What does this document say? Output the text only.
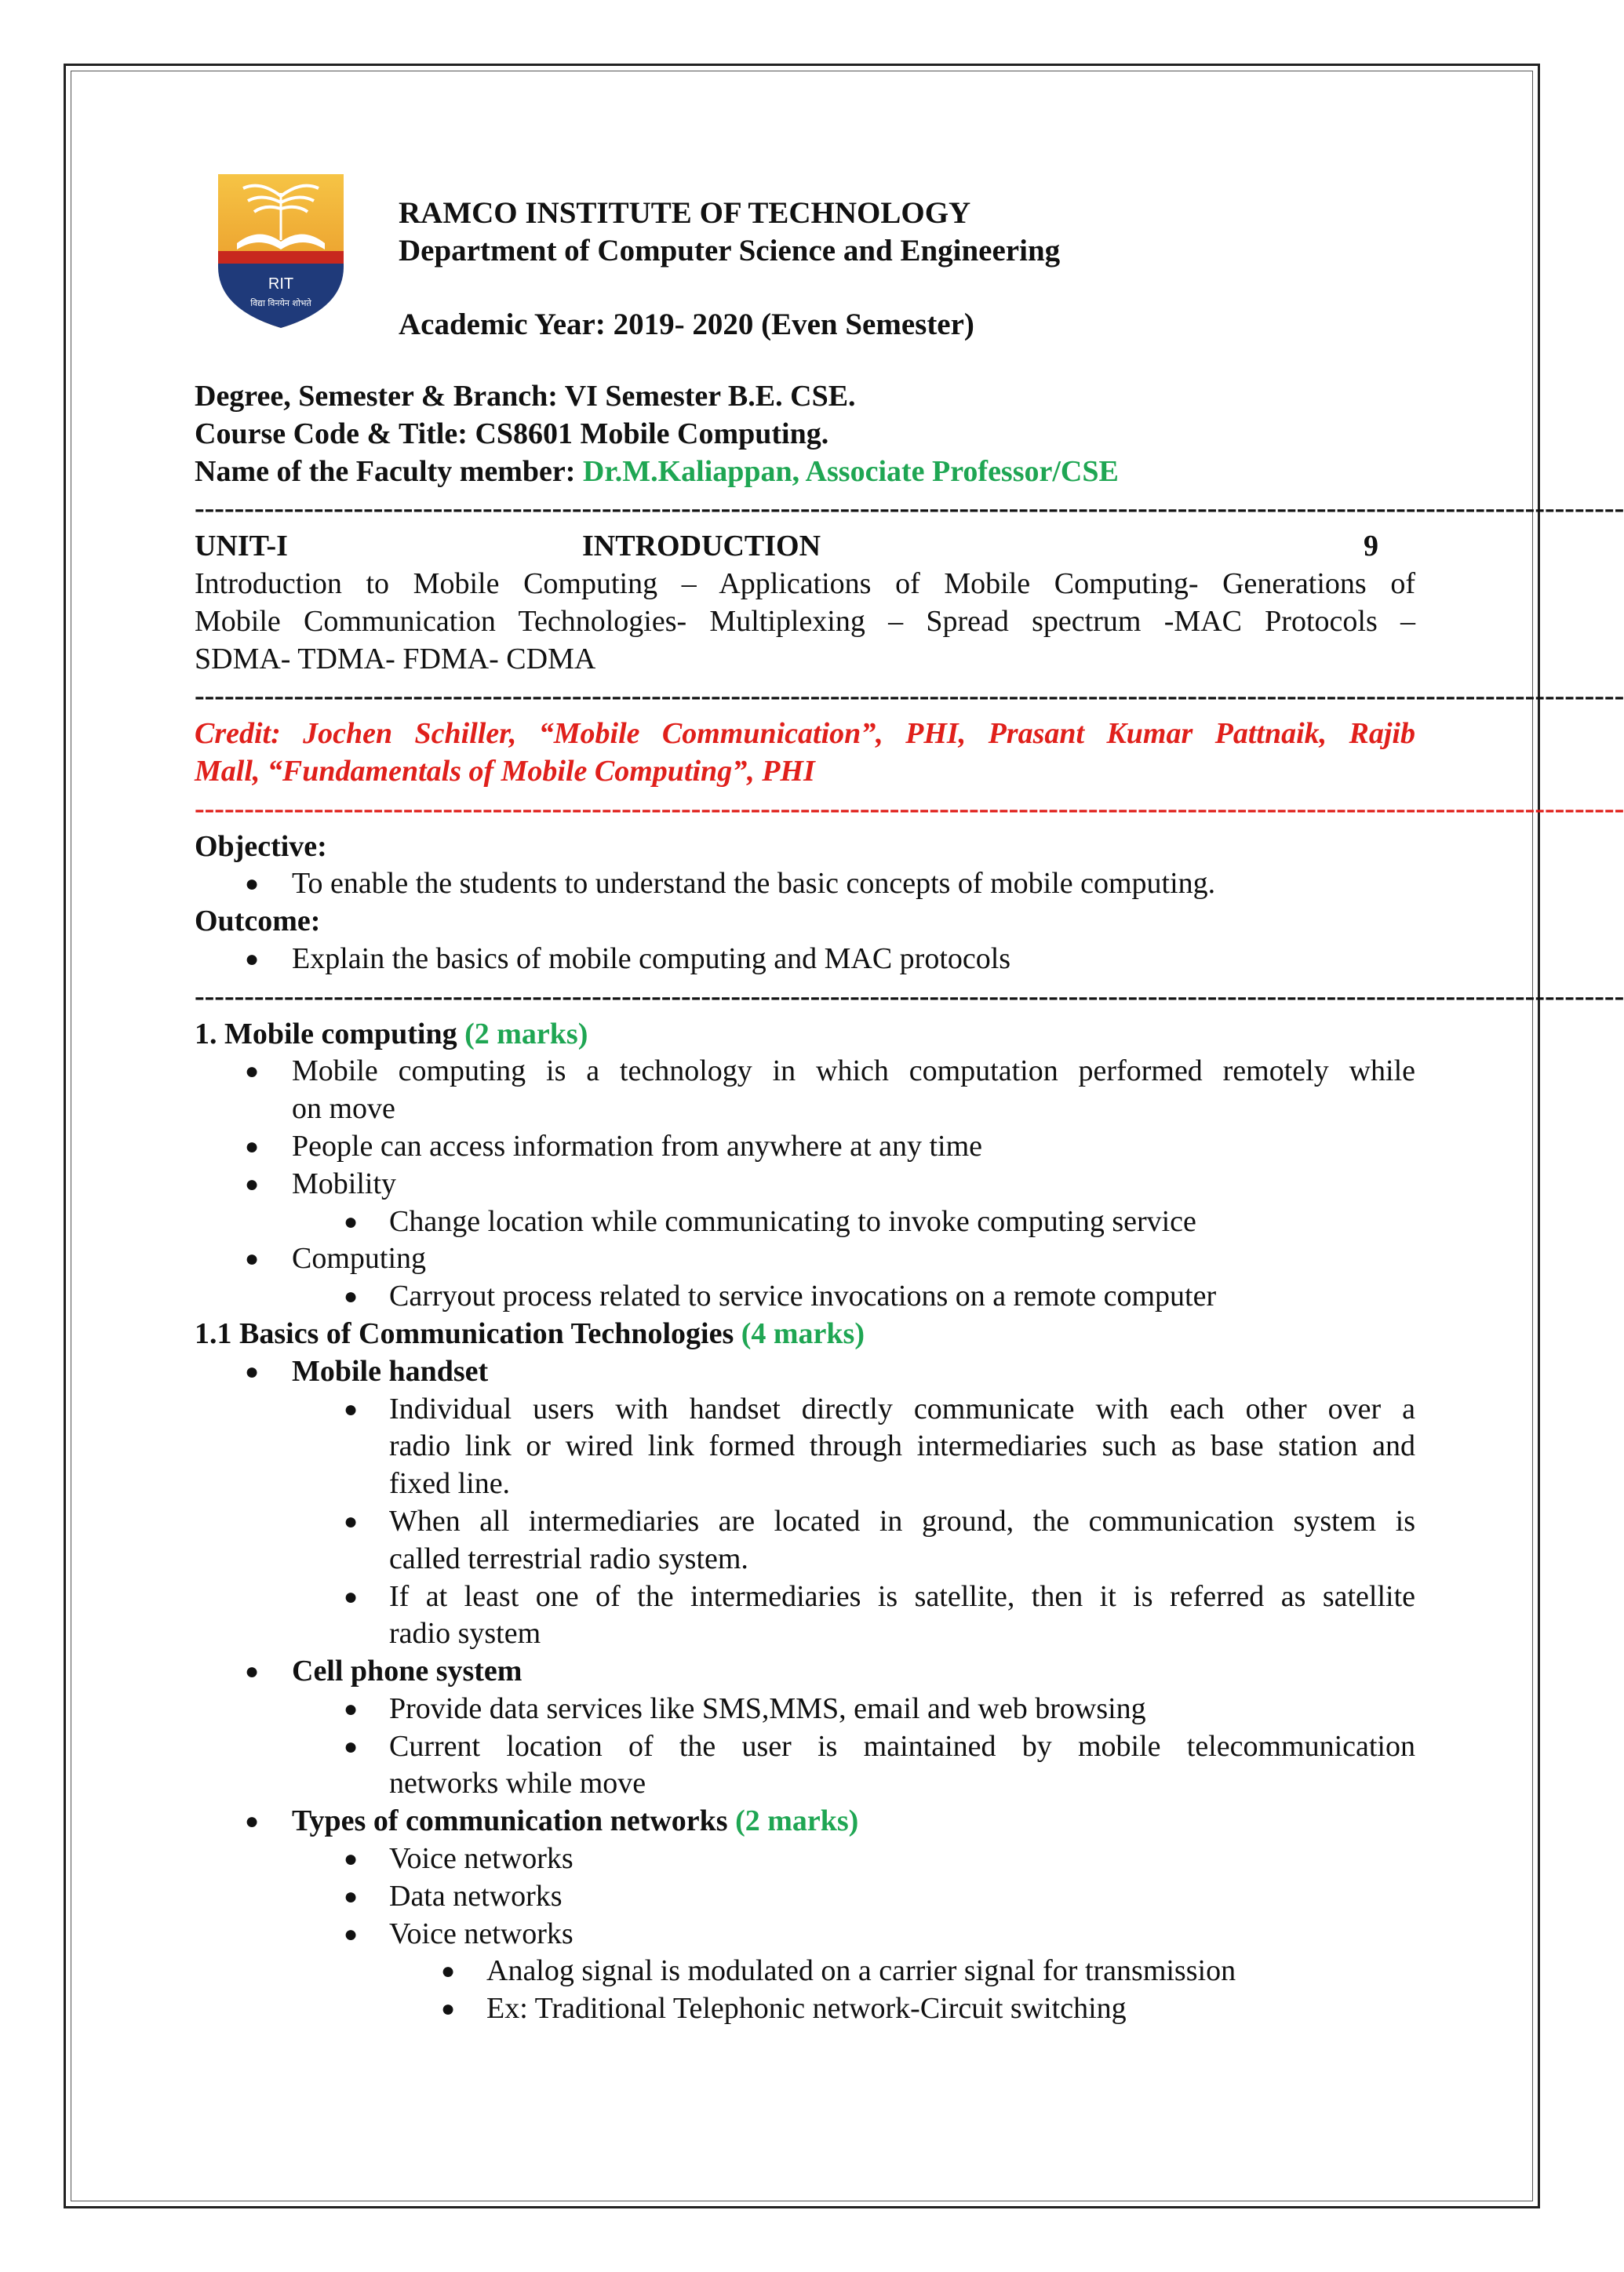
RIT
विद्या विनयेन शोभते
RAMCO INSTITUTE OF TECHNOLOGY
Department of Computer Science and Engineering
Academic Year: 2019- 2020 (Even Semester)
Degree, Semester & Branch: VI Semester B.E. CSE.
Course Code & Title: CS8601 Mobile Computing.
Name of the Faculty member: Dr.M.Kaliappan, Associate Professor/CSE
------------------------------------------------------------------------------------------------------------------------------------------------
UNIT-I	INTRODUCTION	9
Introduction to Mobile Computing – Applications of Mobile Computing- Generations of
Mobile Communication Technologies- Multiplexing – Spread spectrum -MAC Protocols –
SDMA- TDMA- FDMA- CDMA
------------------------------------------------------------------------------------------------------------------------------------------------
Credit: Jochen Schiller, “Mobile Communication”, PHI, Prasant Kumar Pattnaik, Rajib
Mall, “Fundamentals of Mobile Computing”, PHI
------------------------------------------------------------------------------------------------------------------------------------------------
Objective:
● To enable the students to understand the basic concepts of mobile computing.
Outcome:
● Explain the basics of mobile computing and MAC protocols
------------------------------------------------------------------------------------------------------------------------------------------------
1. Mobile computing (2 marks)
● Mobile computing is a technology in which computation performed remotely while
on move
● People can access information from anywhere at any time
● Mobility
● Change location while communicating to invoke computing service
● Computing
● Carryout process related to service invocations on a remote computer
1.1 Basics of Communication Technologies (4 marks)
● Mobile handset
● Individual users with handset directly communicate with each other over a
radio link or wired link formed through intermediaries such as base station and
fixed line.
● When all intermediaries are located in ground, the communication system is
called terrestrial radio system.
● If at least one of the intermediaries is satellite, then it is referred as satellite
radio system
● Cell phone system
● Provide data services like SMS,MMS, email and web browsing
● Current location of the user is maintained by mobile telecommunication
networks while move
● Types of communication networks (2 marks)
● Voice networks
● Data networks
● Voice networks
● Analog signal is modulated on a carrier signal for transmission
● Ex: Traditional Telephonic network-Circuit switching
